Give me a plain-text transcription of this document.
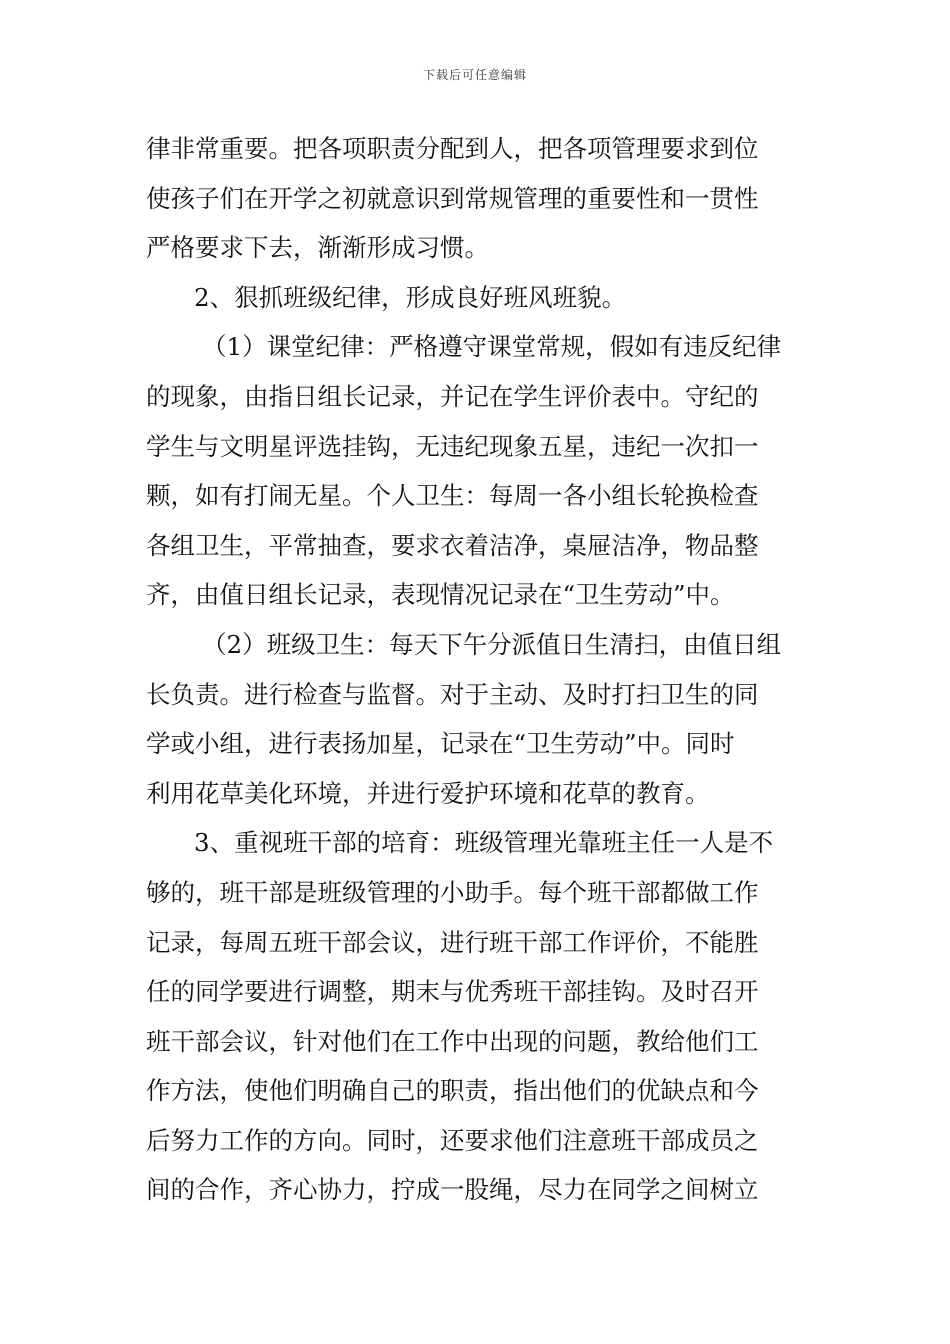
下载后可任意编辑
律非常重要。把各项职责分配到人，把各项管理要求到位
使孩子们在开学之初就意识到常规管理的重要性和一贯性
严格要求下去，渐渐形成习惯。
2、狠抓班级纪律，形成良好班风班貌。
（1）课堂纪律：严格遵守课堂常规，假如有违反纪律
的现象，由指日组长记录，并记在学生评价表中。守纪的
学生与文明星评选挂钩，无违纪现象五星，违纪一次扣一
颗，如有打闹无星。个人卫生：每周一各小组长轮换检查
各组卫生，平常抽查，要求衣着洁净，桌屉洁净，物品整
齐，由值日组长记录，表现情况记录在“卫生劳动”中。
（2）班级卫生：每天下午分派值日生清扫，由值日组
长负责。进行检查与监督。对于主动、及时打扫卫生的同
学或小组，进行表扬加星，记录在“卫生劳动”中。同时
利用花草美化环境，并进行爱护环境和花草的教育。
3、重视班干部的培育：班级管理光靠班主任一人是不
够的，班干部是班级管理的小助手。每个班干部都做工作
记录，每周五班干部会议，进行班干部工作评价，不能胜
任的同学要进行调整，期末与优秀班干部挂钩。及时召开
班干部会议，针对他们在工作中出现的问题，教给他们工
作方法，使他们明确自己的职责，指出他们的优缺点和今
后努力工作的方向。同时，还要求他们注意班干部成员之
间的合作，齐心协力，拧成一股绳，尽力在同学之间树立
